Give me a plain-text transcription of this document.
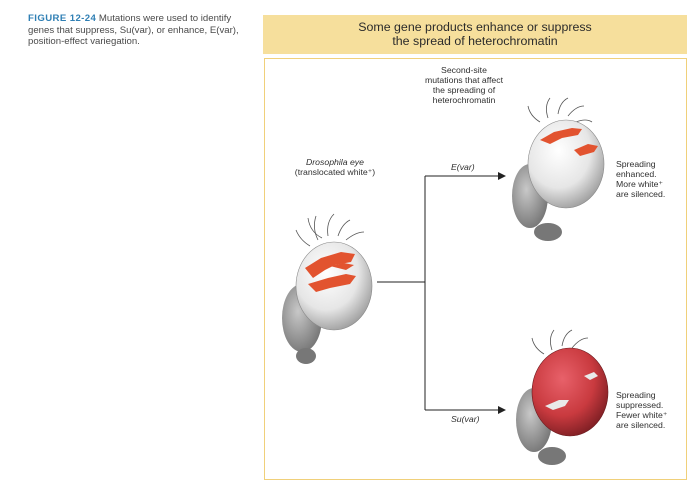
FIGURE 12-24 Mutations were used to identify genes that suppress, Su(var), or enhance, E(var), position-effect variegation.
Some gene products enhance or suppress
the spread of heterochromatin
Second-site
mutations that affect
the spreading of
heterochromatin
Drosophila eye
(translocated white⁺)	E(var)
Su(var)
Spreading
enhanced.
More white⁺
are silenced.
Spreading
suppressed.
Fewer white⁺
are silenced.
